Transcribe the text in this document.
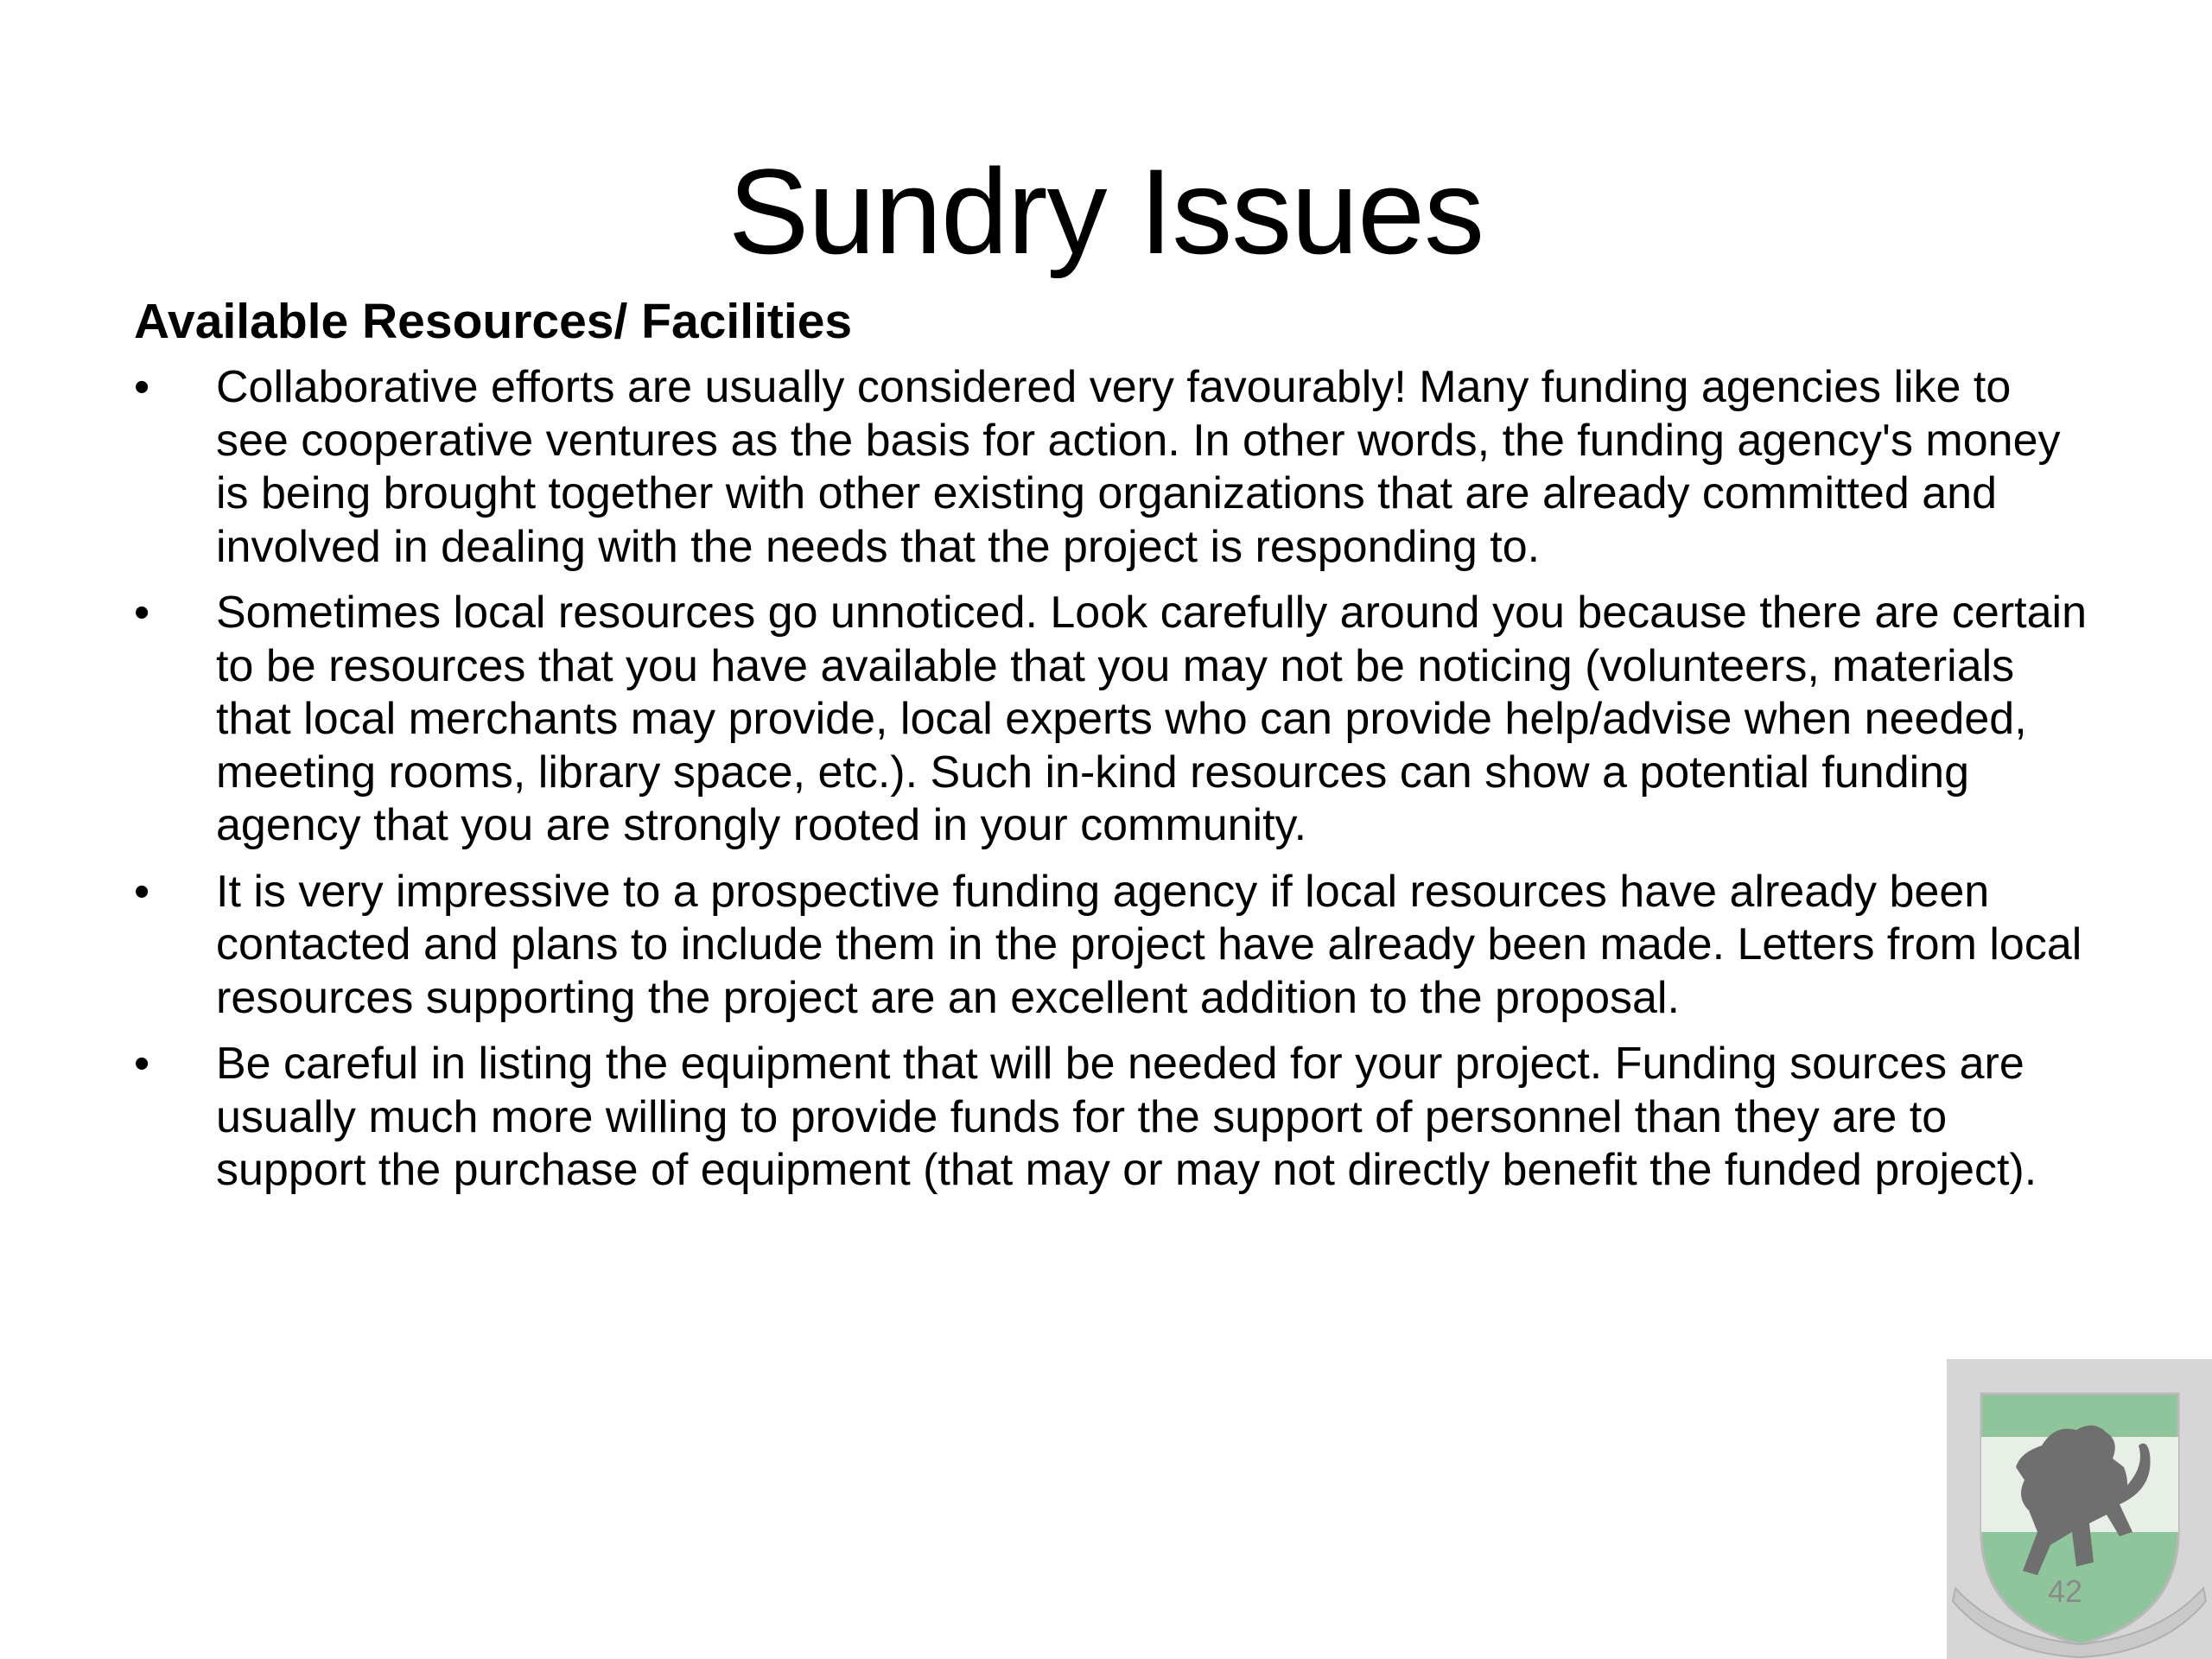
Sundry Issues
Available Resources/ Facilities
• Collaborative efforts are usually considered very favourably! Many funding agencies like to see cooperative ventures as the basis for action. In other words, the funding agency's money is being brought together with other existing organizations that are already committed and involved in dealing with the needs that the project is responding to.
• Sometimes local resources go unnoticed. Look carefully around you because there are certain to be resources that you have available that you may not be noticing (volunteers, materials that local merchants may provide, local experts who can provide help/advise when needed, meeting rooms, library space, etc.). Such in-kind resources can show a potential funding agency that you are strongly rooted in your community.
• It is very impressive to a prospective funding agency if local resources have already been contacted and plans to include them in the project have already been made. Letters from local resources supporting the project are an excellent addition to the proposal.
• Be careful in listing the equipment that will be needed for your project. Funding sources are usually much more willing to provide funds for the support of personnel than they are to support the purchase of equipment (that may or may not directly benefit the funded project).
42
